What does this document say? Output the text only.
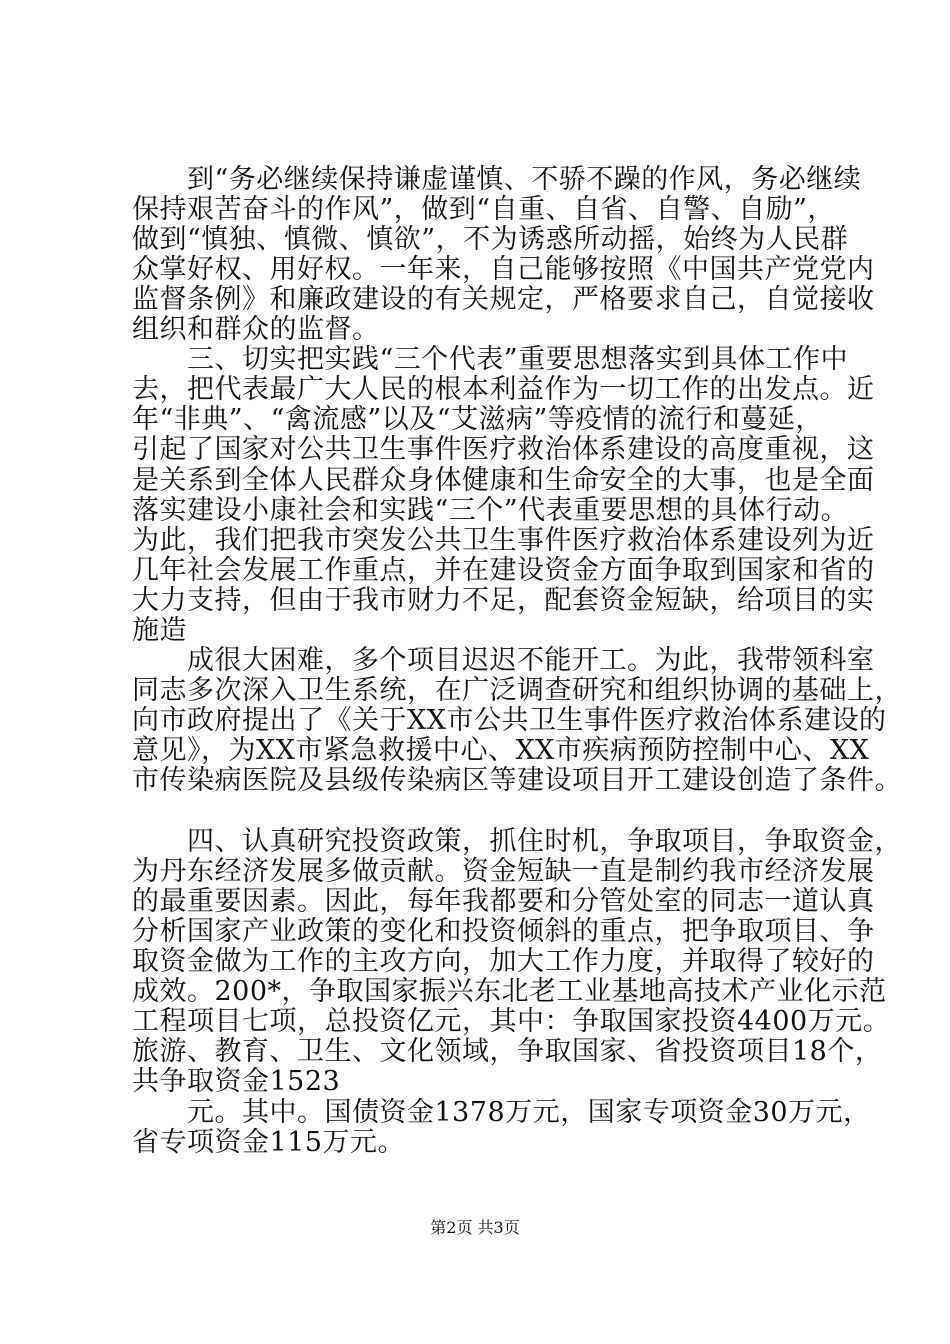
到“务必继续保持谦虚谨慎、不骄不躁的作风，务必继续
保持艰苦奋斗的作风”，做到“自重、自省、自警、自励”，
做到“慎独、慎微、慎欲”，不为诱惑所动摇，始终为人民群
众掌好权、用好权。一年来，自己能够按照《中国共产党党内
监督条例》和廉政建设的有关规定，严格要求自己，自觉接收
组织和群众的监督。
三、切实把实践“三个代表”重要思想落实到具体工作中
去，把代表最广大人民的根本利益作为一切工作的出发点。近
年“非典”、“禽流感”以及“艾滋病”等疫情的流行和蔓延，
引起了国家对公共卫生事件医疗救治体系建设的高度重视，这
是关系到全体人民群众身体健康和生命安全的大事，也是全面
落实建设小康社会和实践“三个”代表重要思想的具体行动。
为此，我们把我市突发公共卫生事件医疗救治体系建设列为近
几年社会发展工作重点，并在建设资金方面争取到国家和省的
大力支持，但由于我市财力不足，配套资金短缺，给项目的实
施造
成很大困难，多个项目迟迟不能开工。为此，我带领科室
同志多次深入卫生系统，在广泛调查研究和组织协调的基础上，
向市政府提出了《关于XX市公共卫生事件医疗救治体系建设的
意见》，为XX市紧急救援中心、XX市疾病预防控制中心、XX
市传染病医院及县级传染病区等建设项目开工建设创造了条件。
四、认真研究投资政策，抓住时机，争取项目，争取资金，
为丹东经济发展多做贡献。资金短缺一直是制约我市经济发展
的最重要因素。因此，每年我都要和分管处室的同志一道认真
分析国家产业政策的变化和投资倾斜的重点，把争取项目、争
取资金做为工作的主攻方向，加大工作力度，并取得了较好的
成效。200*，争取国家振兴东北老工业基地高技术产业化示范
工程项目七项，总投资亿元，其中：争取国家投资4400万元。
旅游、教育、卫生、文化领域，争取国家、省投资项目18个，
共争取资金1523
元。其中。国债资金1378万元，国家专项资金30万元，
省专项资金115万元。
第2页 共3页
